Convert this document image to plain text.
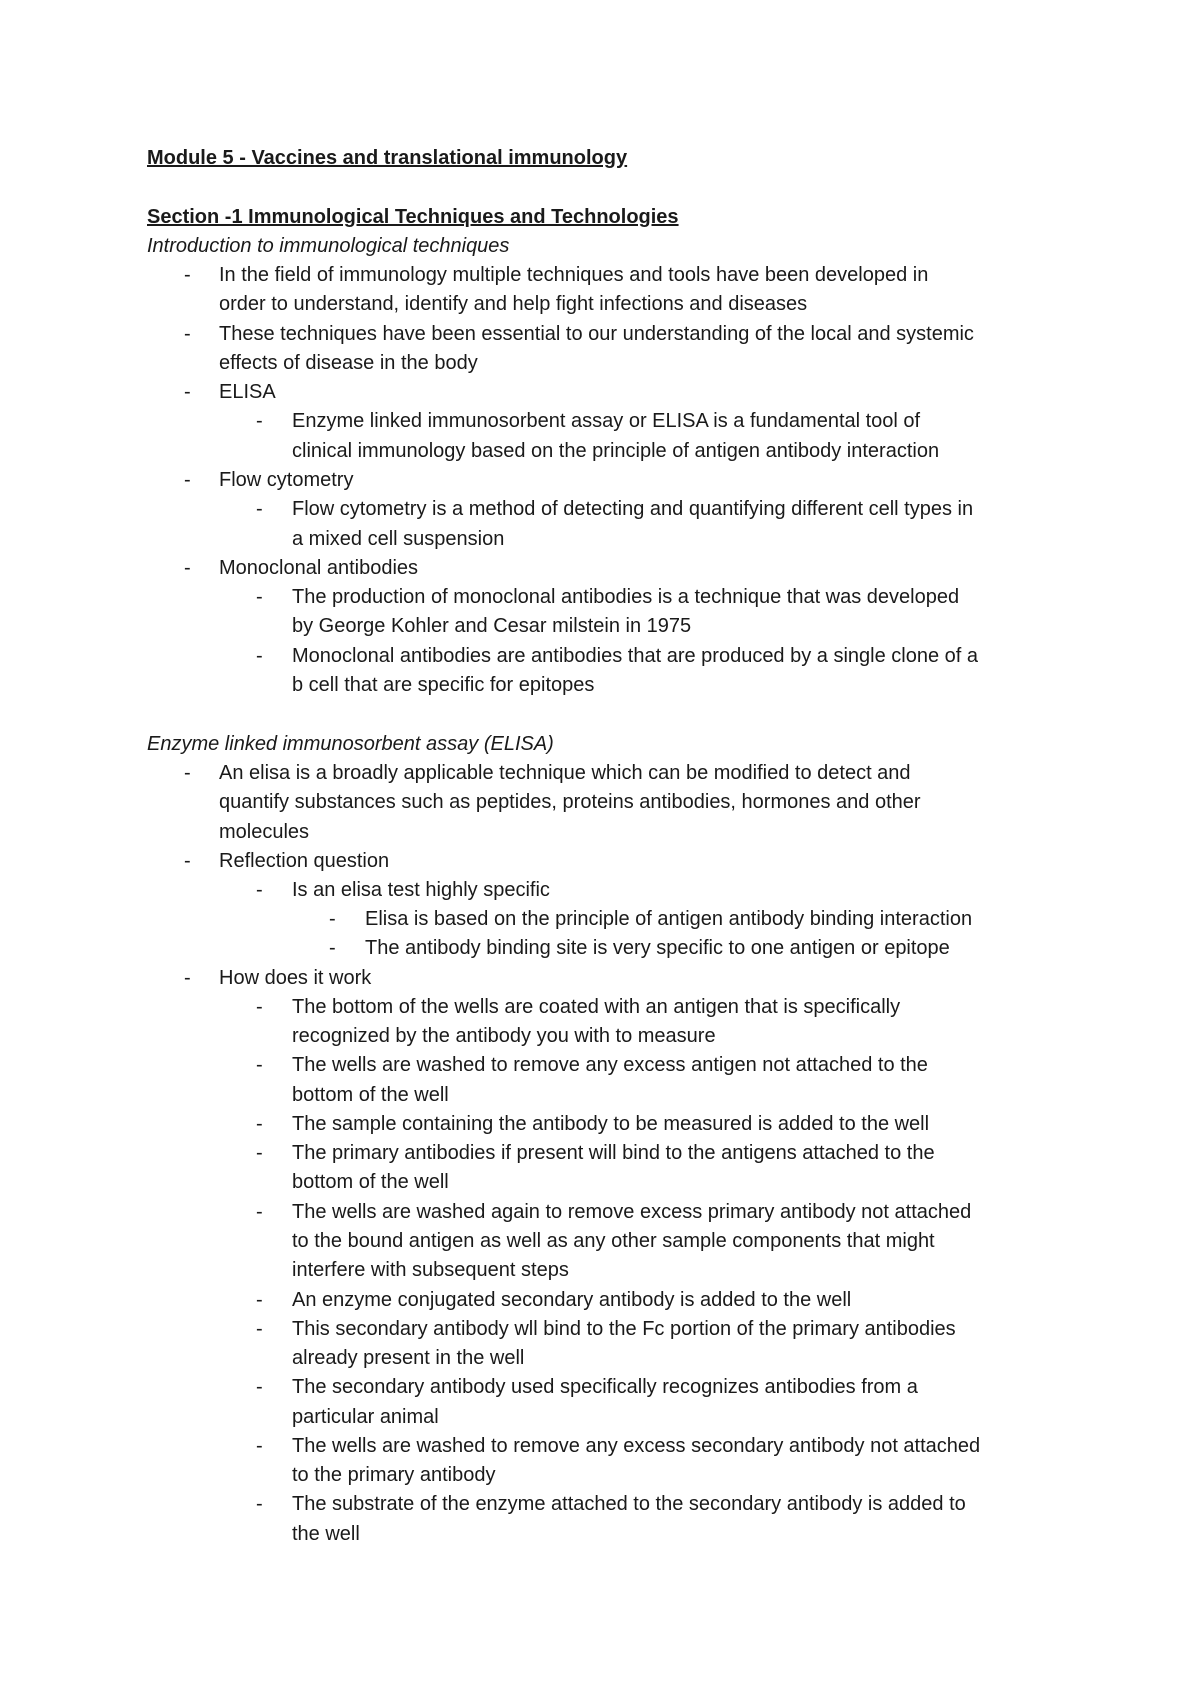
Module 5 - Vaccines and translational immunology
Section -1 Immunological Techniques and Technologies
Introduction to immunological techniques
- In the field of immunology multiple techniques and tools have been developed in
order to understand, identify and help fight infections and diseases
- These techniques have been essential to our understanding of the local and systemic
effects of disease in the body
- ELISA
- Enzyme linked immunosorbent assay or ELISA is a fundamental tool of
clinical immunology based on the principle of antigen antibody interaction
- Flow cytometry
- Flow cytometry is a method of detecting and quantifying different cell types in
a mixed cell suspension
- Monoclonal antibodies
- The production of monoclonal antibodies is a technique that was developed
by George Kohler and Cesar milstein in 1975
- Monoclonal antibodies are antibodies that are produced by a single clone of a
b cell that are specific for epitopes
Enzyme linked immunosorbent assay (ELISA)
- An elisa is a broadly applicable technique which can be modified to detect and
quantify substances such as peptides, proteins antibodies, hormones and other
molecules
- Reflection question
- Is an elisa test highly specific
- Elisa is based on the principle of antigen antibody binding interaction
- The antibody binding site is very specific to one antigen or epitope
- How does it work
- The bottom of the wells are coated with an antigen that is specifically
recognized by the antibody you with to measure
- The wells are washed to remove any excess antigen not attached to the
bottom of the well
- The sample containing the antibody to be measured is added to the well
- The primary antibodies if present will bind to the antigens attached to the
bottom of the well
- The wells are washed again to remove excess primary antibody not attached
to the bound antigen as well as any other sample components that might
interfere with subsequent steps
- An enzyme conjugated secondary antibody is added to the well
- This secondary antibody wll bind to the Fc portion of the primary antibodies
already present in the well
- The secondary antibody used specifically recognizes antibodies from a
particular animal
- The wells are washed to remove any excess secondary antibody not attached
to the primary antibody
- The substrate of the enzyme attached to the secondary antibody is added to
the well
